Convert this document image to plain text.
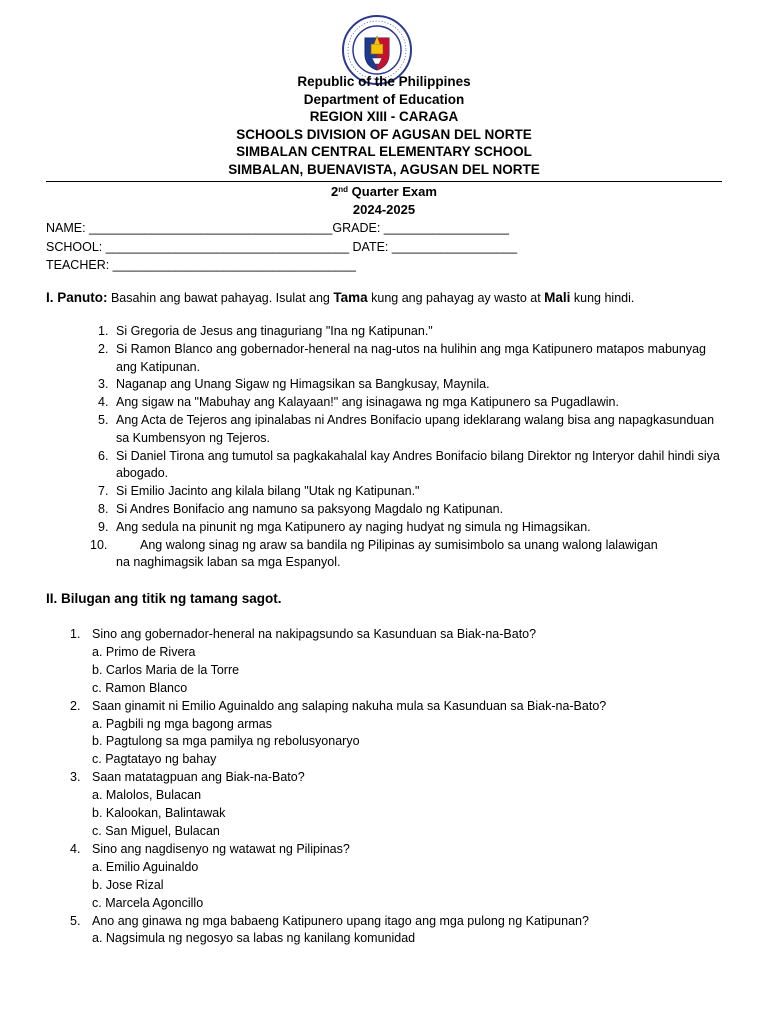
Republic of the Philippines
Department of Education
REGION XIII - CARAGA
SCHOOLS DIVISION OF AGUSAN DEL NORTE
SIMBALAN CENTRAL ELEMENTARY SCHOOL
SIMBALAN, BUENAVISTA, AGUSAN DEL NORTE
2nd Quarter Exam
2024-2025
NAME: ___________________________________GRADE: __________________
SCHOOL: ___________________________________ DATE: __________________
TEACHER: ___________________________________
I. Panuto: Basahin ang bawat pahayag. Isulat ang Tama kung ang pahayag ay wasto at Mali kung hindi.
1. Si Gregoria de Jesus ang tinaguriang "Ina ng Katipunan."
2. Si Ramon Blanco ang gobernador-heneral na nag-utos na hulihin ang mga Katipunero matapos mabunyag ang Katipunan.
3. Naganap ang Unang Sigaw ng Himagsikan sa Bangkusay, Maynila.
4. Ang sigaw na "Mabuhay ang Kalayaan!" ang isinagawa ng mga Katipunero sa Pugadlawin.
5. Ang Acta de Tejeros ang ipinalabas ni Andres Bonifacio upang ideklarang walang bisa ang napagkasunduan sa Kumbensyon ng Tejeros.
6. Si Daniel Tirona ang tumutol sa pagkakahalal kay Andres Bonifacio bilang Direktor ng Interyor dahil hindi siya abogado.
7. Si Emilio Jacinto ang kilala bilang "Utak ng Katipunan."
8. Si Andres Bonifacio ang namuno sa paksyong Magdalo ng Katipunan.
9. Ang sedula na pinunit ng mga Katipunero ay naging hudyat ng simula ng Himagsikan.
10.	Ang walong sinag ng araw sa bandila ng Pilipinas ay sumisimbolo sa unang walong lalawigan
na naghimagsik laban sa mga Espanyol.
II. Bilugan ang titik ng tamang sagot.
1. Sino ang gobernador-heneral na nakipagsundo sa Kasunduan sa Biak-na-Bato?
a. Primo de Rivera
b. Carlos Maria de la Torre
c. Ramon Blanco
2. Saan ginamit ni Emilio Aguinaldo ang salaping nakuha mula sa Kasunduan sa Biak-na-Bato?
a. Pagbili ng mga bagong armas
b. Pagtulong sa mga pamilya ng rebolusyonaryo
c. Pagtatayo ng bahay
3. Saan matatagpuan ang Biak-na-Bato?
a. Malolos, Bulacan
b. Kalookan, Balintawak
c. San Miguel, Bulacan
4. Sino ang nagdisenyo ng watawat ng Pilipinas?
a. Emilio Aguinaldo
b. Jose Rizal
c. Marcela Agoncillo
5. Ano ang ginawa ng mga babaeng Katipunero upang itago ang mga pulong ng Katipunan?
a. Nagsimula ng negosyo sa labas ng kanilang komunidad
